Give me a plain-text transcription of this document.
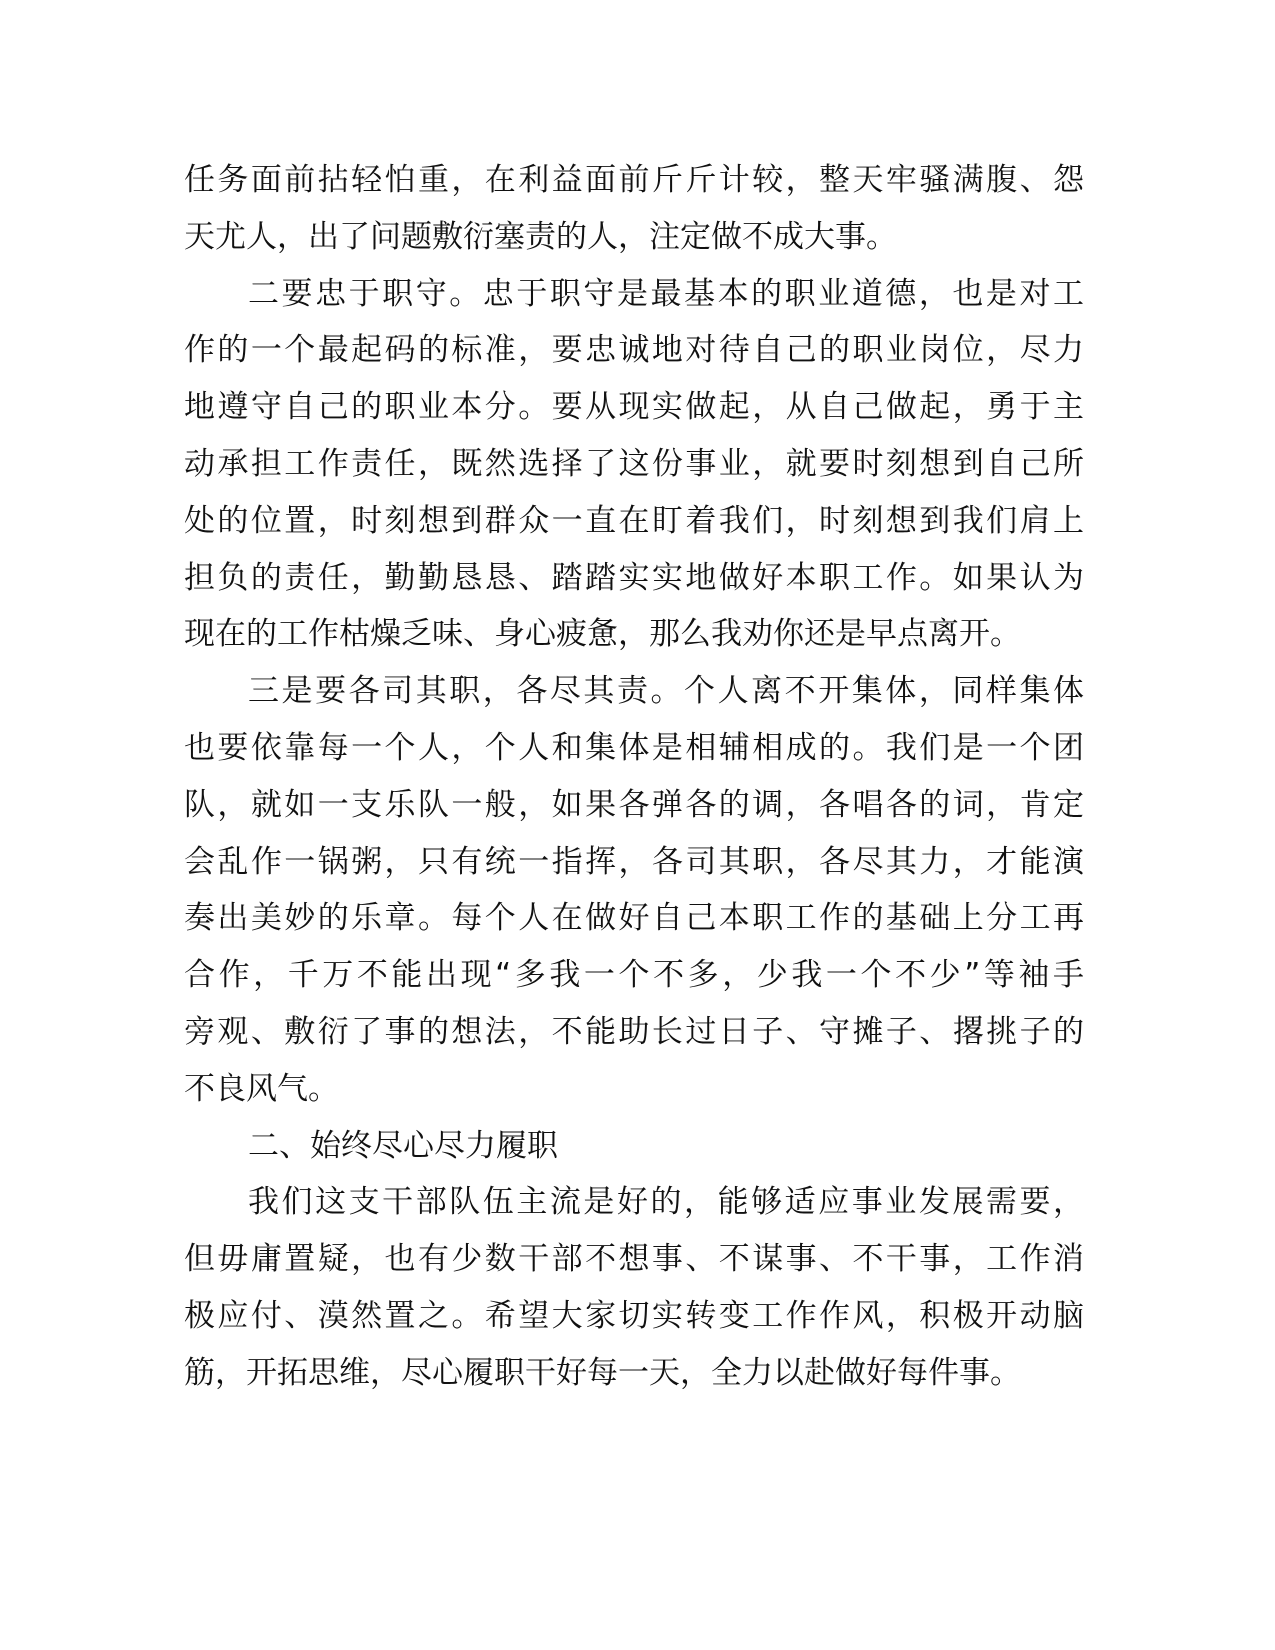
任务面前拈轻怕重，在利益面前斤斤计较，整天牢骚满腹、怨
天尤人，出了问题敷衍塞责的人，注定做不成大事。
二要忠于职守。忠于职守是最基本的职业道德，也是对工
作的一个最起码的标准，要忠诚地对待自己的职业岗位，尽力
地遵守自己的职业本分。要从现实做起，从自己做起，勇于主
动承担工作责任，既然选择了这份事业，就要时刻想到自己所
处的位置，时刻想到群众一直在盯着我们，时刻想到我们肩上
担负的责任，勤勤恳恳、踏踏实实地做好本职工作。如果认为
现在的工作枯燥乏味、身心疲惫，那么我劝你还是早点离开。
三是要各司其职，各尽其责。个人离不开集体，同样集体
也要依靠每一个人，个人和集体是相辅相成的。我们是一个团
队，就如一支乐队一般，如果各弹各的调，各唱各的词，肯定
会乱作一锅粥，只有统一指挥，各司其职，各尽其力，才能演
奏出美妙的乐章。每个人在做好自己本职工作的基础上分工再
合作，千万不能出现“多我一个不多，少我一个不少”等袖手
旁观、敷衍了事的想法，不能助长过日子、守摊子、撂挑子的
不良风气。
二、始终尽心尽力履职
我们这支干部队伍主流是好的，能够适应事业发展需要，
但毋庸置疑，也有少数干部不想事、不谋事、不干事，工作消
极应付、漠然置之。希望大家切实转变工作作风，积极开动脑
筋，开拓思维，尽心履职干好每一天，全力以赴做好每件事。
